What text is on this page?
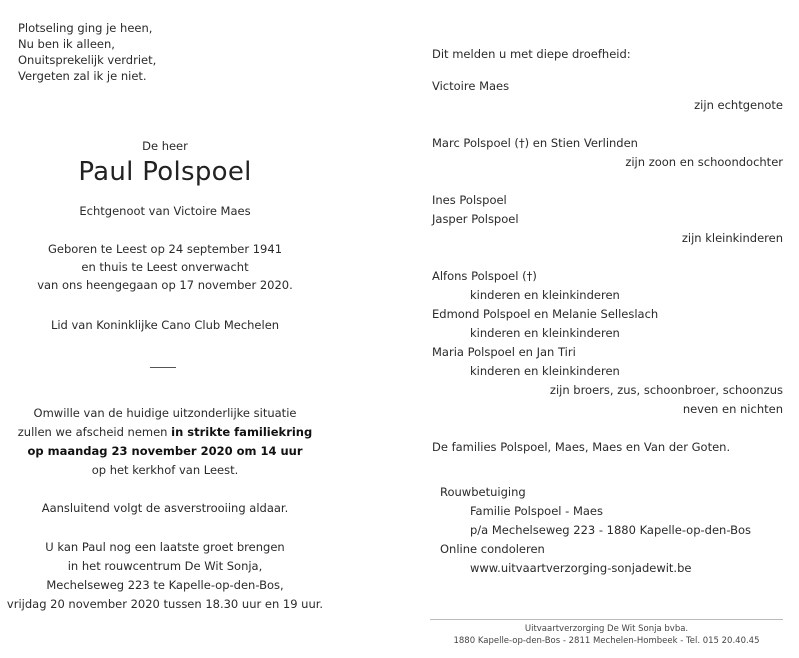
Plotseling ging je heen,
Nu ben ik alleen,
Onuitsprekelijk verdriet,
Vergeten zal ik je niet.
De heer
Paul Polspoel
Echtgenoot van Victoire Maes
Geboren te Leest op 24 september 1941
en thuis te Leest onverwacht
van ons heengegaan op 17 november 2020.
Lid van Koninklijke Cano Club Mechelen
Omwille van de huidige uitzonderlijke situatie
zullen we afscheid nemen in strikte familiekring
op maandag 23 november 2020 om 14 uur
op het kerkhof van Leest.
Aansluitend volgt de asverstrooiing aldaar.
U kan Paul nog een laatste groet brengen
in het rouwcentrum De Wit Sonja,
Mechelseweg 223 te Kapelle-op-den-Bos,
vrijdag 20 november 2020 tussen 18.30 uur en 19 uur.
Dit melden u met diepe droefheid:
Victoire Maes
zijn echtgenote
Marc Polspoel (†) en Stien Verlinden
zijn zoon en schoondochter
Ines Polspoel
Jasper Polspoel
zijn kleinkinderen
Alfons Polspoel (†)
kinderen en kleinkinderen
Edmond Polspoel en Melanie Selleslach
kinderen en kleinkinderen
Maria Polspoel en Jan Tiri
kinderen en kleinkinderen
zijn broers, zus, schoonbroer, schoonzus
neven en nichten
De families Polspoel, Maes, Maes en Van der Goten.
Rouwbetuiging
Familie Polspoel - Maes
p/a Mechelseweg 223 - 1880 Kapelle-op-den-Bos
Online condoleren
www.uitvaartverzorging-sonjadewit.be
Uitvaartverzorging De Wit Sonja bvba.
1880 Kapelle-op-den-Bos - 2811 Mechelen-Hombeek - Tel. 015 20.40.45
